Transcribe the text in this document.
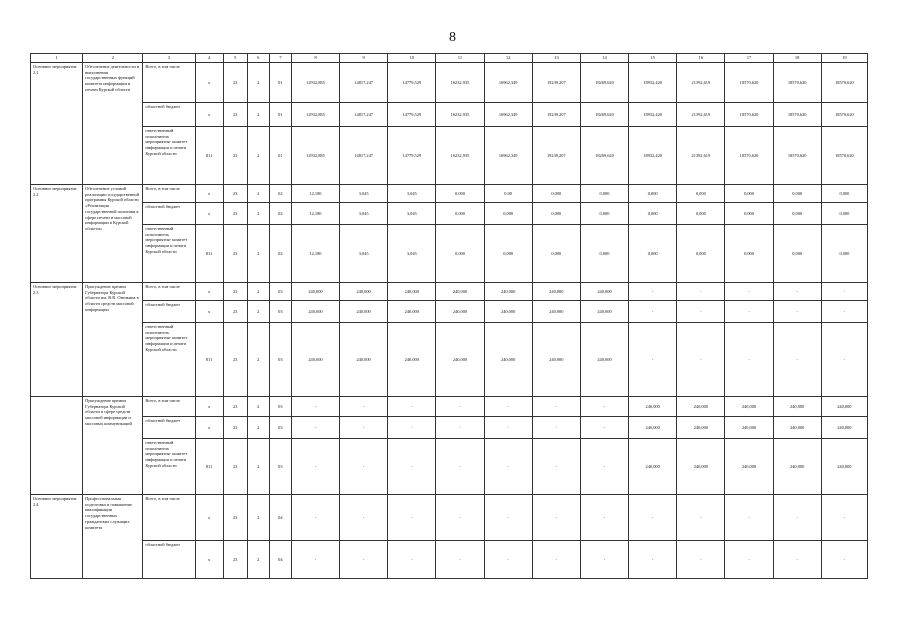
8
1	2	3	4	5	6	7	8	9	10	11	12	13	14	15	16	17	18	19
Основное мероприятие 2.1	Обеспечение деятельности и выполнения государственных функций комитета информации и печати Курской области	Всего, в том числе	х	23	2	01	12932,885	14817,247	14779,529	16232,935	16962,349	19239,207	18269,620	18932,420	21392,619	18570,620	18570,620	18570,620
		областной бюджет	х	23	2	01	12932,885	14817,247	14779,529	16232,935	16962,349	19239,207	18269,620	18932,420	21392,619	18570,620	18570,620	18570,620
		ответственный исполнитель мероприятия- комитет информации и печати Курской области	811	23	2	01	12932,885	14817,247	14779,529	16232,935	16962,349	19239,207	18269,620	18932,420	21392,619	18570,620	18570,620	18570,620
Основное мероприятие 2.2	Обеспечение условий реализации государственной программы Курской области «Реализация государственной политики в сфере печати и массовой информации в Курской области»	Всего, в том числе	х	23	2	02	12,180	3,045	3,045	0,000	0,00	0,000	0,000	0,000	0,000	0,000	0,000	0,000
		областной бюджет	х	23	2	02	12,180	3,045	3,045	0,000	0,000	0,000	0,000	0,000	0,000	0,000	0,000	0,000
		ответственный исполнитель мероприятия- комитет информации и печати Курской области	811	23	2	02	12,180	3,045	3,045	0,000	0,000	0,000	0,000	0,000	0,000	0,000	0,000	0,000
Основное мероприятие 2.3	Присуждение премии Губернатора Курской области им. В.В. Овечкина в области средств массовой информации	Всего, в том числе	х	23	2	03	240,000	240,000	240,000	240,000	240,000	240,000	240,000	-	-	-	-	-
		областной бюджет	х	23	2	03	240,000	240,000	240,000	240,000	240,000	240,000	240,000	-	-	-	-	-
		ответственный исполнитель мероприятия- комитет информации и печати Курской области	811	23	2	03	240,000	240,000	240,000	240,000	240,000	240,000	240,000	-	-	-	-	-
	Присуждение премии Губернатора Курской области в сфере средств массовой информации и массовых коммуникаций	Всего, в том числе	х	23	2	03	-	-	-	-	-	-	-	240,000	240,000	240,000	240,000	240,000
		областной бюджет	х	23	2	03	-	-	-	-	-	-	-	240,000	240,000	240,000	240,000	240,000
		ответственный исполнитель мероприятия- комитет информации и печати Курской области	811	23	2	03	-	-	-	-	-	-	-	240,000	240,000	240,000	240,000	240,000
Основное мероприятие 2.4	Профессиональная подготовка и повышение квалификации государственных гражданских служащих комитета	Всего, в том числе	х	23	2	04	-	-	-	-	-	-	-	-	-	-	-	-
		областной бюджет	х	23	2	04	-	-	-	-	-	-	-	-	-	-	-	-
